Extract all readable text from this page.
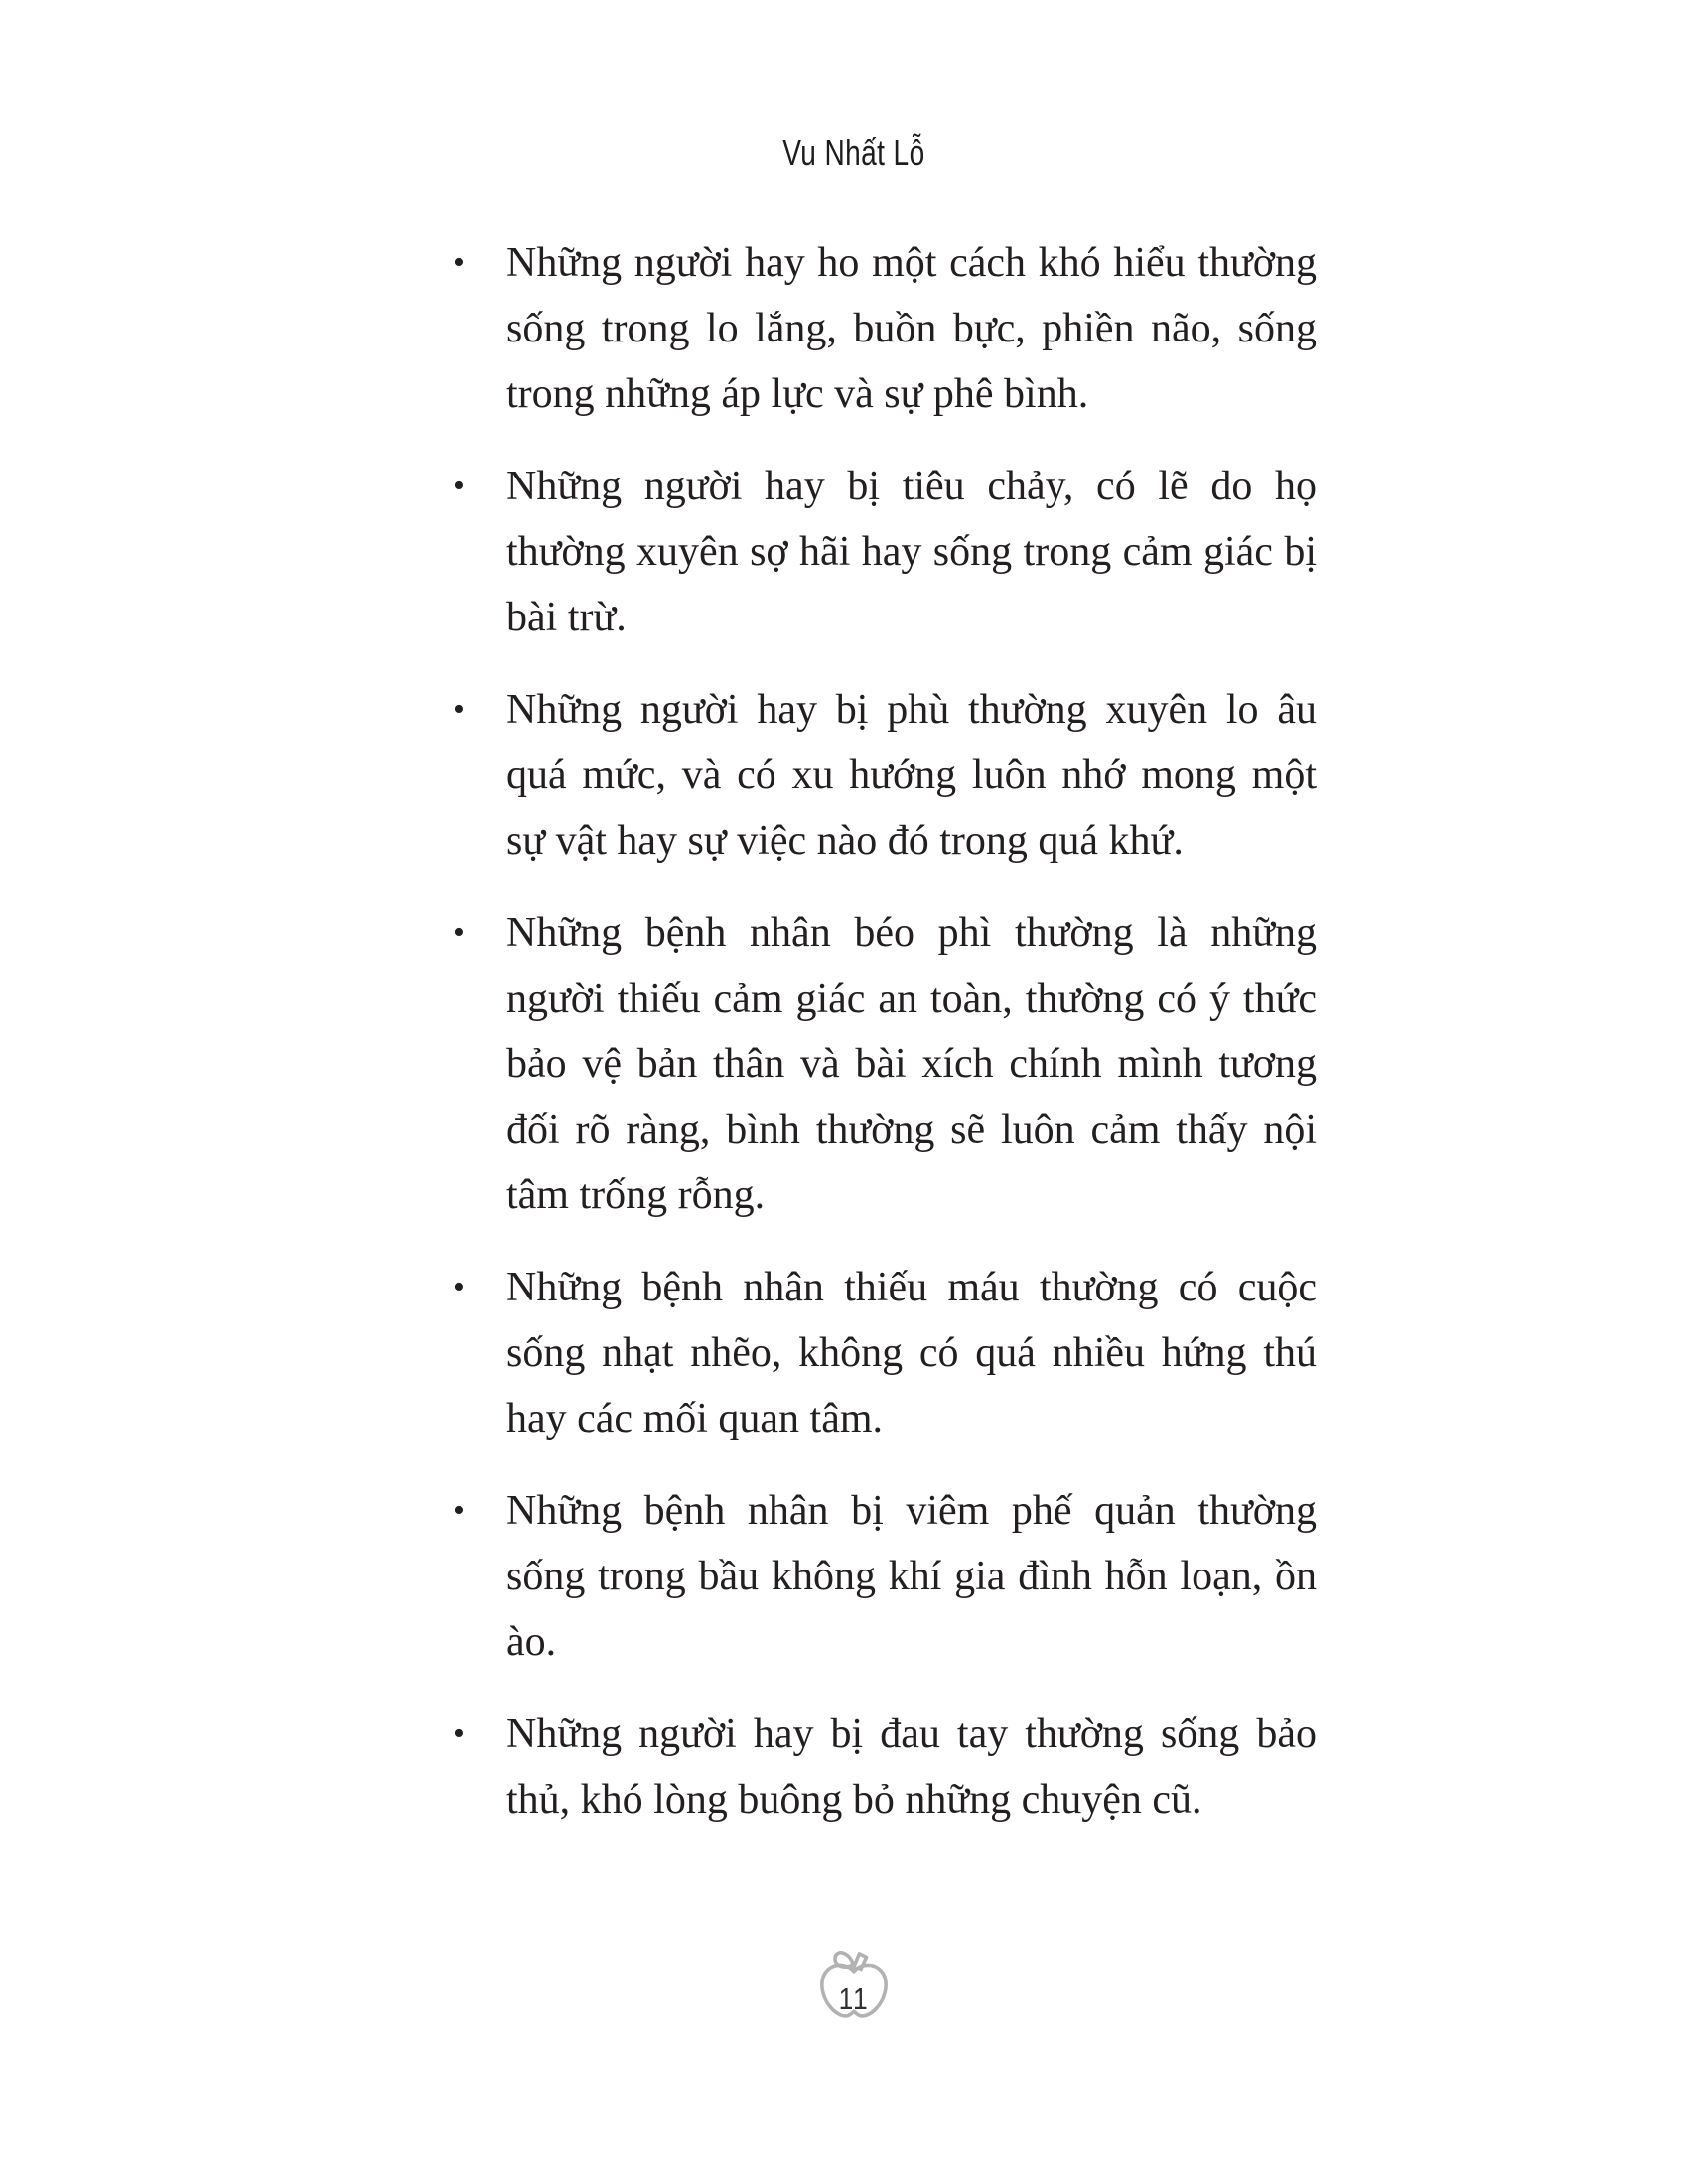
Vu Nhất Lỗ
• Những người hay ho một cách khó hiểu thường sống trong lo lắng, buồn bực, phiền não, sống trong những áp lực và sự phê bình.
• Những người hay bị tiêu chảy, có lẽ do họ thường xuyên sợ hãi hay sống trong cảm giác bị bài trừ.
• Những người hay bị phù thường xuyên lo âu quá mức, và có xu hướng luôn nhớ mong một sự vật hay sự việc nào đó trong quá khứ.
• Những bệnh nhân béo phì thường là những người thiếu cảm giác an toàn, thường có ý thức bảo vệ bản thân và bài xích chính mình tương đối rõ ràng, bình thường sẽ luôn cảm thấy nội tâm trống rỗng.
• Những bệnh nhân thiếu máu thường có cuộc sống nhạt nhẽo, không có quá nhiều hứng thú hay các mối quan tâm.
• Những bệnh nhân bị viêm phế quản thường sống trong bầu không khí gia đình hỗn loạn, ồn ào.
• Những người hay bị đau tay thường sống bảo thủ, khó lòng buông bỏ những chuyện cũ.
11
